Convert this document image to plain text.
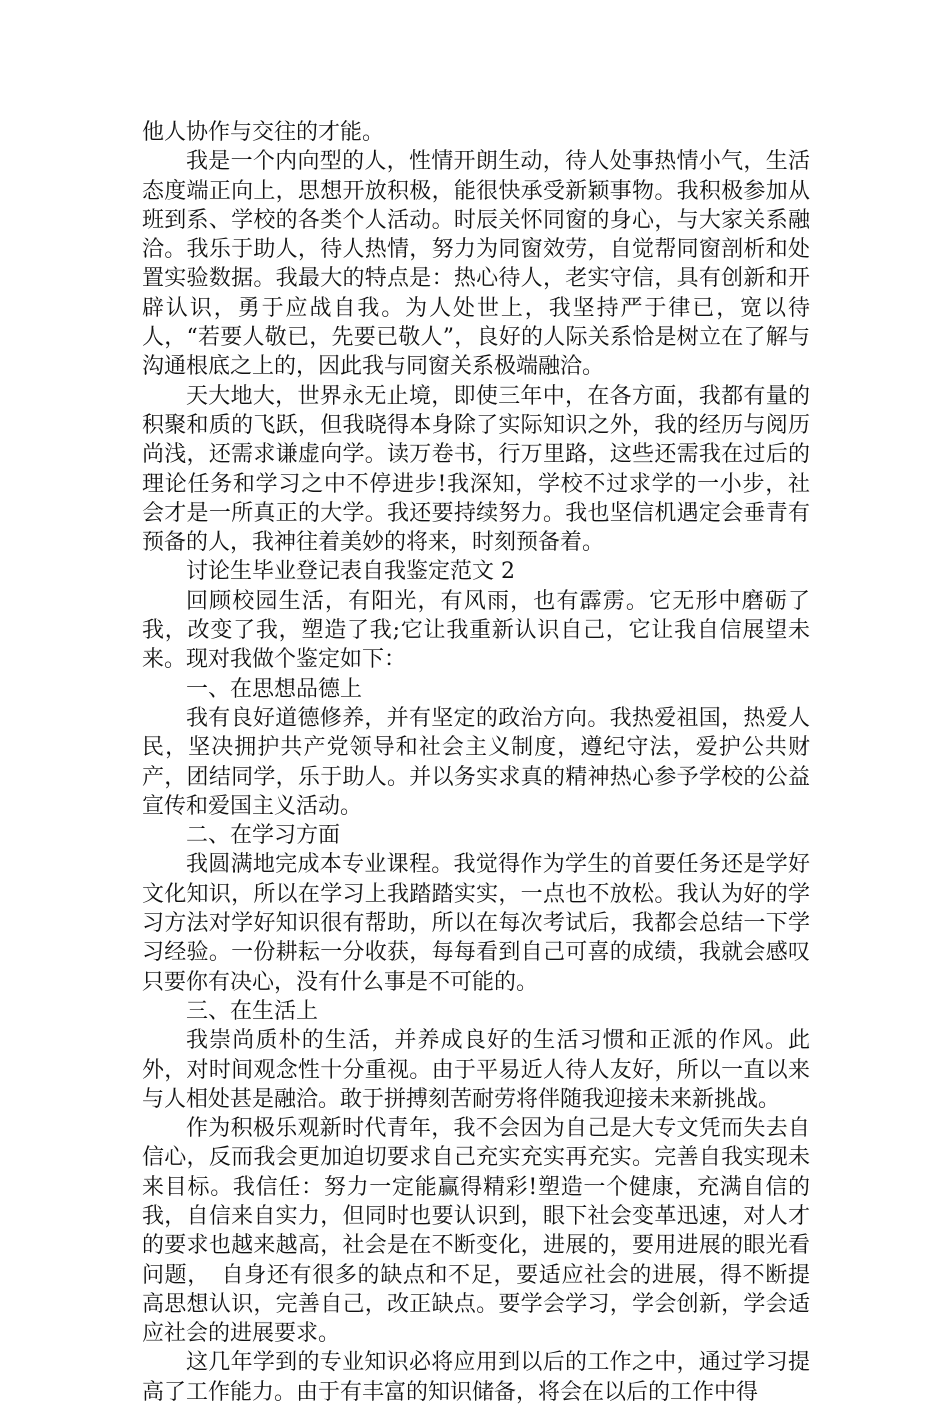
他人协作与交往的才能。

我是一个内向型的人，性情开朗生动，待人处事热情小气，生活态度端正向上，思想开放积极，能很快承受新颖事物。我积极参加从班到系、学校的各类个人活动。时辰关怀同窗的身心，与大家关系融洽。我乐于助人，待人热情，努力为同窗效劳，自觉帮同窗剖析和处置实验数据。我最大的特点是：热心待人，老实守信，具有创新和开辟认识，勇于应战自我。为人处世上，我坚持严于律已，宽以待人，“若要人敬已，先要已敬人”，良好的人际关系恰是树立在了解与沟通根底之上的，因此我与同窗关系极端融洽。

天大地大，世界永无止境，即使三年中，在各方面，我都有量的积聚和质的飞跃，但我晓得本身除了实际知识之外，我的经历与阅历尚浅，还需求谦虚向学。读万卷书，行万里路，这些还需我在过后的理论任务和学习之中不停进步!我深知，学校不过求学的一小步，社会才是一所真正的大学。我还要持续努力。我也坚信机遇定会垂青有预备的人，我神往着美妙的将来，时刻预备着。

讨论生毕业登记表自我鉴定范文 2

回顾校园生活，有阳光，有风雨，也有霹雳。它无形中磨砺了我，改变了我，塑造了我;它让我重新认识自己，它让我自信展望未来。现对我做个鉴定如下：

一、在思想品德上

我有良好道德修养，并有坚定的政治方向。我热爱祖国，热爱人民，坚决拥护共产党领导和社会主义制度，遵纪守法，爱护公共财产，团结同学，乐于助人。并以务实求真的精神热心参予学校的公益宣传和爱国主义活动。

二、在学习方面

我圆满地完成本专业课程。我觉得作为学生的首要任务还是学好文化知识，所以在学习上我踏踏实实，一点也不放松。我认为好的学习方法对学好知识很有帮助，所以在每次考试后，我都会总结一下学习经验。一份耕耘一分收获，每每看到自己可喜的成绩，我就会感叹只要你有决心，没有什么事是不可能的。

三、在生活上

我崇尚质朴的生活，并养成良好的生活习惯和正派的作风。此外，对时间观念性十分重视。由于平易近人待人友好，所以一直以来与人相处甚是融洽。敢于拼搏刻苦耐劳将伴随我迎接未来新挑战。

作为积极乐观新时代青年，我不会因为自己是大专文凭而失去自信心，反而我会更加迫切要求自己充实充实再充实。完善自我实现未来目标。我信任：努力一定能赢得精彩!塑造一个健康，充满自信的我，自信来自实力，但同时也要认识到，眼下社会变革迅速，对人才的要求也越来越高，社会是在不断变化，进展的，要用进展的眼光看问题，　自身还有很多的缺点和不足，要适应社会的进展，得不断提高思想认识，完善自己，改正缺点。要学会学习，学会创新，学会适应社会的进展要求。

这几年学到的专业知识必将应用到以后的工作之中，通过学习提高了工作能力。由于有丰富的知识储备，将会在以后的工作中得
